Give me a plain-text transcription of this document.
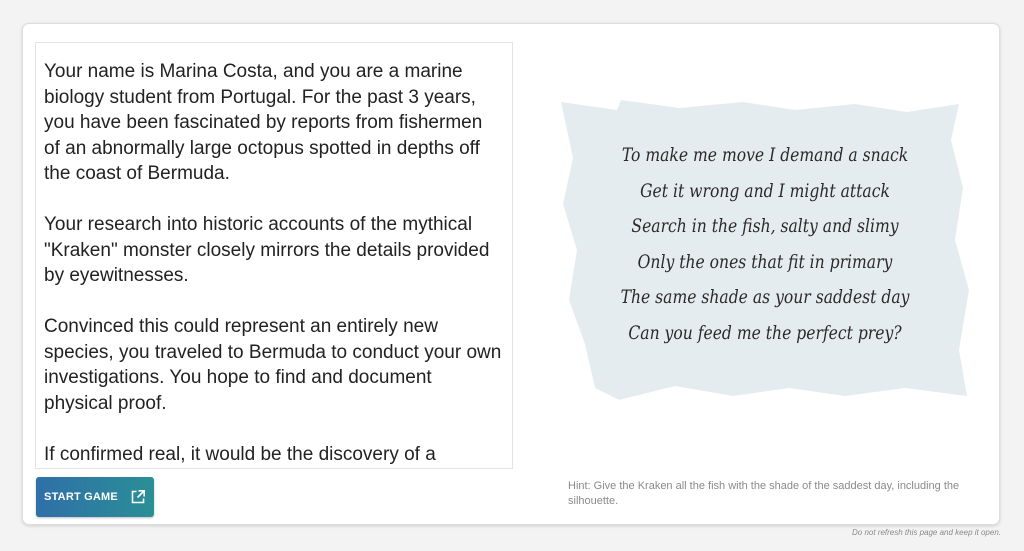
Your name is Marina Costa, and you are a marine biology student from Portugal. For the past 3 years, you have been fascinated by reports from fishermen of an abnormally large octopus spotted in depths off the coast of Bermuda.

Your research into historic accounts of the mythical "Kraken" monster closely mirrors the details provided by eyewitnesses.

Convinced this could represent an entirely new species, you traveled to Bermuda to conduct your own investigations. You hope to find and document physical proof.

If confirmed real, it would be the discovery of a

START GAME
To make me move I demand a snack
Get it wrong and I might attack
Search in the fish, salty and slimy
Only the ones that fit in primary
The same shade as your saddest day
Can you feed me the perfect prey?
Hint: Give the Kraken all the fish with the shade of the saddest day, including the silhouette.
Do not refresh this page and keep it open.
